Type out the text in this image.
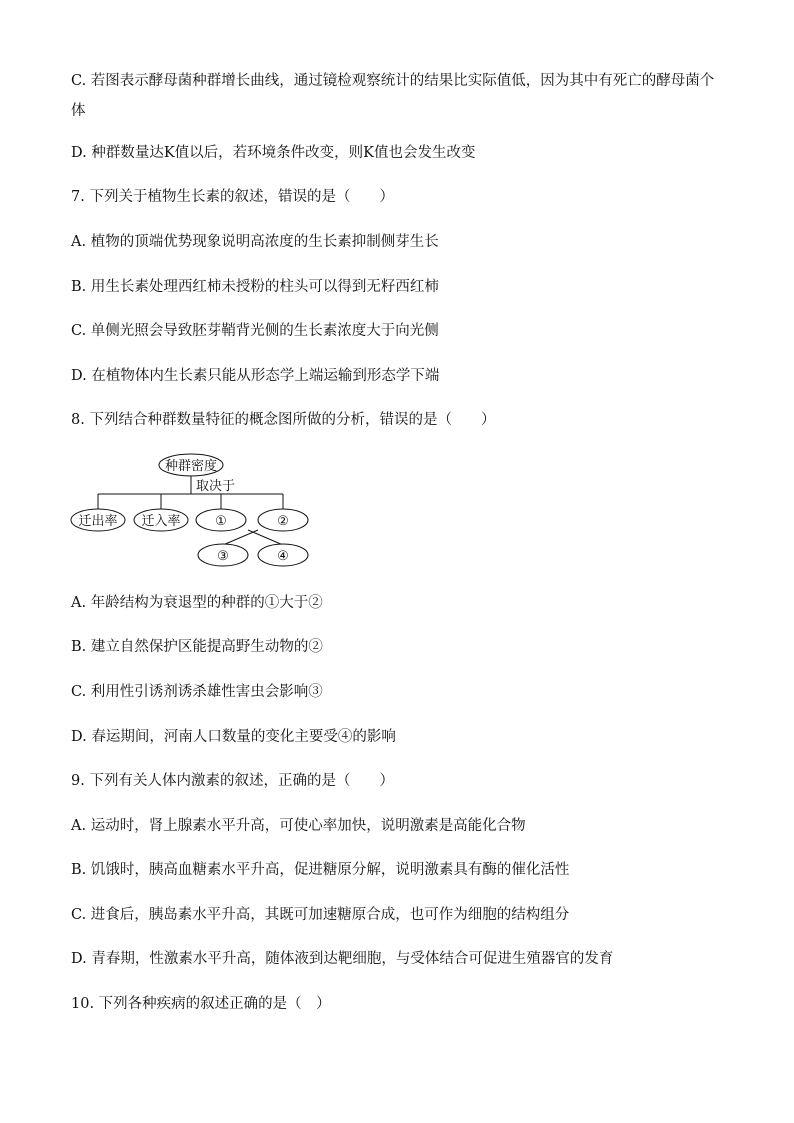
C. 若图表示酵母菌种群增长曲线，通过镜检观察统计的结果比实际值低，因为其中有死亡的酵母菌个体
D. 种群数量达K值以后，若环境条件改变，则K值也会发生改变
7. 下列关于植物生长素的叙述，错误的是（　　）
A. 植物的顶端优势现象说明高浓度的生长素抑制侧芽生长
B. 用生长素处理西红柿未授粉的柱头可以得到无籽西红柿
C. 单侧光照会导致胚芽鞘背光侧的生长素浓度大于向光侧
D. 在植物体内生长素只能从形态学上端运输到形态学下端
8. 下列结合种群数量特征的概念图所做的分析，错误的是（　　）
种群密度
取决于
迁出率 迁入率	①	②
③	④
A. 年龄结构为衰退型的种群的①大于②
B. 建立自然保护区能提高野生动物的②
C. 利用性引诱剂诱杀雄性害虫会影响③
D. 春运期间，河南人口数量的变化主要受④的影响
9. 下列有关人体内激素的叙述，正确的是（　　）
A. 运动时，肾上腺素水平升高，可使心率加快，说明激素是高能化合物
B. 饥饿时，胰高血糖素水平升高，促进糖原分解，说明激素具有酶的催化活性
C. 进食后，胰岛素水平升高，其既可加速糖原合成，也可作为细胞的结构组分
D. 青春期，性激素水平升高，随体液到达靶细胞，与受体结合可促进生殖器官的发育
10. 下列各种疾病的叙述正确的是（　）
